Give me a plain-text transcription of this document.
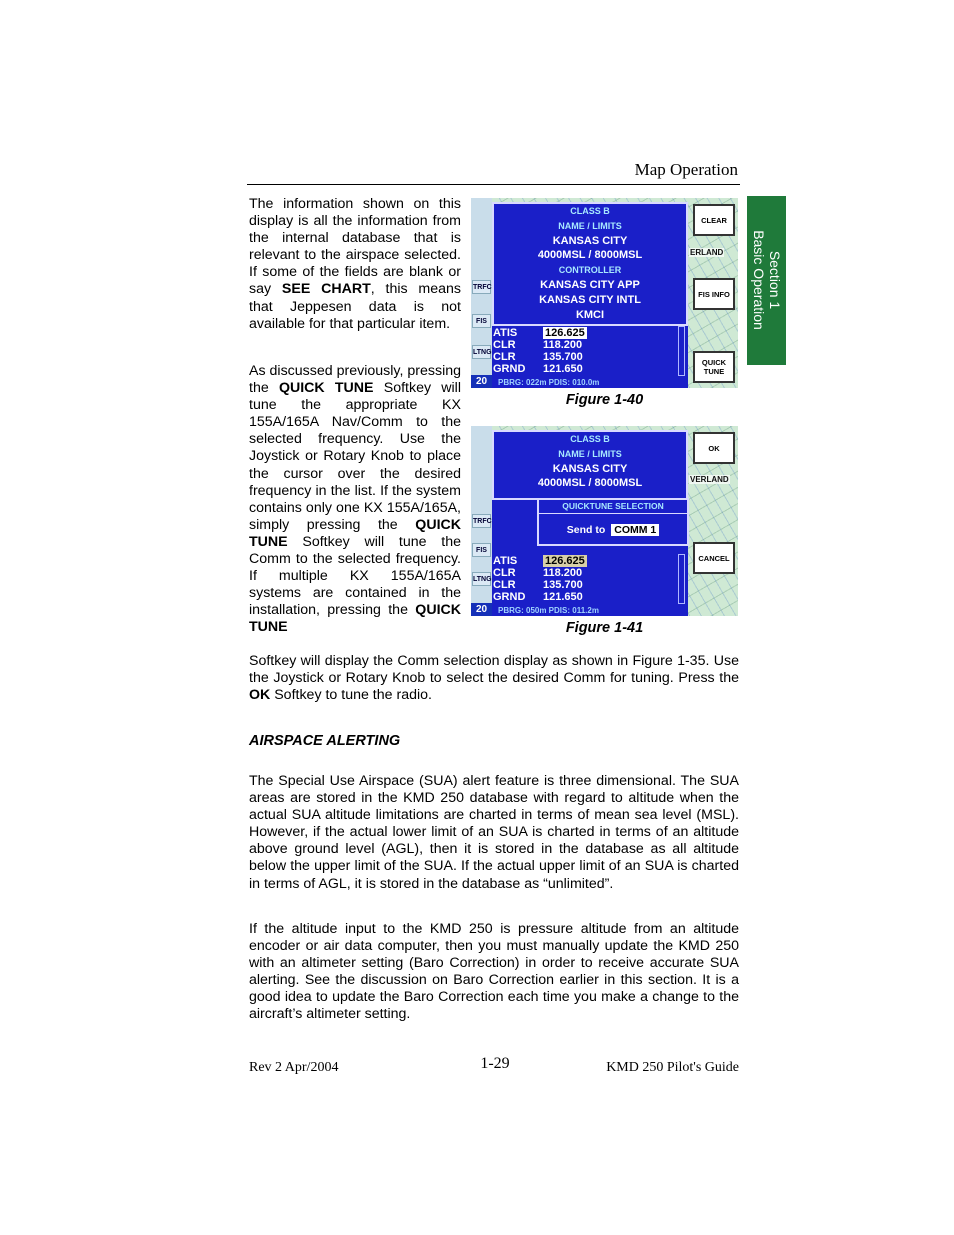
Map Operation
Section 1
Basic Operation

The information shown on this display is all the information from the internal database that is relevant to the airspace selected. If some of the fields are blank or say SEE CHART, this means that Jeppesen data is not available for that particular item.

As discussed previously, pressing the QUICK TUNE Softkey will tune the appropriate KX 155A/165A Nav/Comm to the selected frequency. Use the Joystick or Rotary Knob to place the cursor over the desired frequency in the list. If the system contains only one KX 155A/165A, simply pressing the QUICK TUNE Softkey will tune the Comm to the selected frequency. If multiple KX 155A/165A systems are contained in the installation, pressing the QUICK TUNE

Softkey will display the Comm selection display as shown in Figure 1-35. Use the Joystick or Rotary Knob to select the desired Comm for tuning. Press the OK Softkey to tune the radio.

TRFC
FIS
LTNG
20
ERLAND
CLASS B
NAME / LIMITS
KANSAS CITY
4000MSL / 8000MSL
CONTROLLER
KANSAS CITY APP
KANSAS CITY INTL
KMCI
ATIS	126.625
CLR 118.200
CLR 135.700
GRND 121.650
PBRG: 022m PDIS: 010.0m
CLEAR
FIS INFO
QUICK TUNE
Figure 1-40
TRFC
FIS
LTNG
20
VERLAND
CLASS B
NAME / LIMITS
KANSAS CITY
4000MSL / 8000MSL
QUICKTUNE SELECTION
Send to COMM 1
ATIS	126.625
CLR 118.200
CLR 135.700
GRND 121.650
PBRG: 050m PDIS: 011.2m
OK
CANCEL
Figure 1-41
AIRSPACE ALERTING

The Special Use Airspace (SUA) alert feature is three dimensional. The SUA areas are stored in the KMD 250 database with regard to altitude when the actual SUA altitude limitations are charted in terms of mean sea level (MSL). However, if the actual lower limit of an SUA is charted in terms of an altitude above ground level (AGL), then it is stored in the database as all altitude below the upper limit of the SUA. If the actual upper limit of an SUA is charted in terms of AGL, it is stored in the database as “unlimited”.

If the altitude input to the KMD 250 is pressure altitude from an altitude encoder or air data computer, then you must manually update the KMD 250 with an altimeter setting (Baro Correction) in order to receive accurate SUA alerting. See the discussion on Baro Correction earlier in this section. It is a good idea to update the Baro Correction each time you make a change to the aircraft’s altimeter setting.

Rev 2 Apr/2004	1-29	KMD 250 Pilot's Guide
